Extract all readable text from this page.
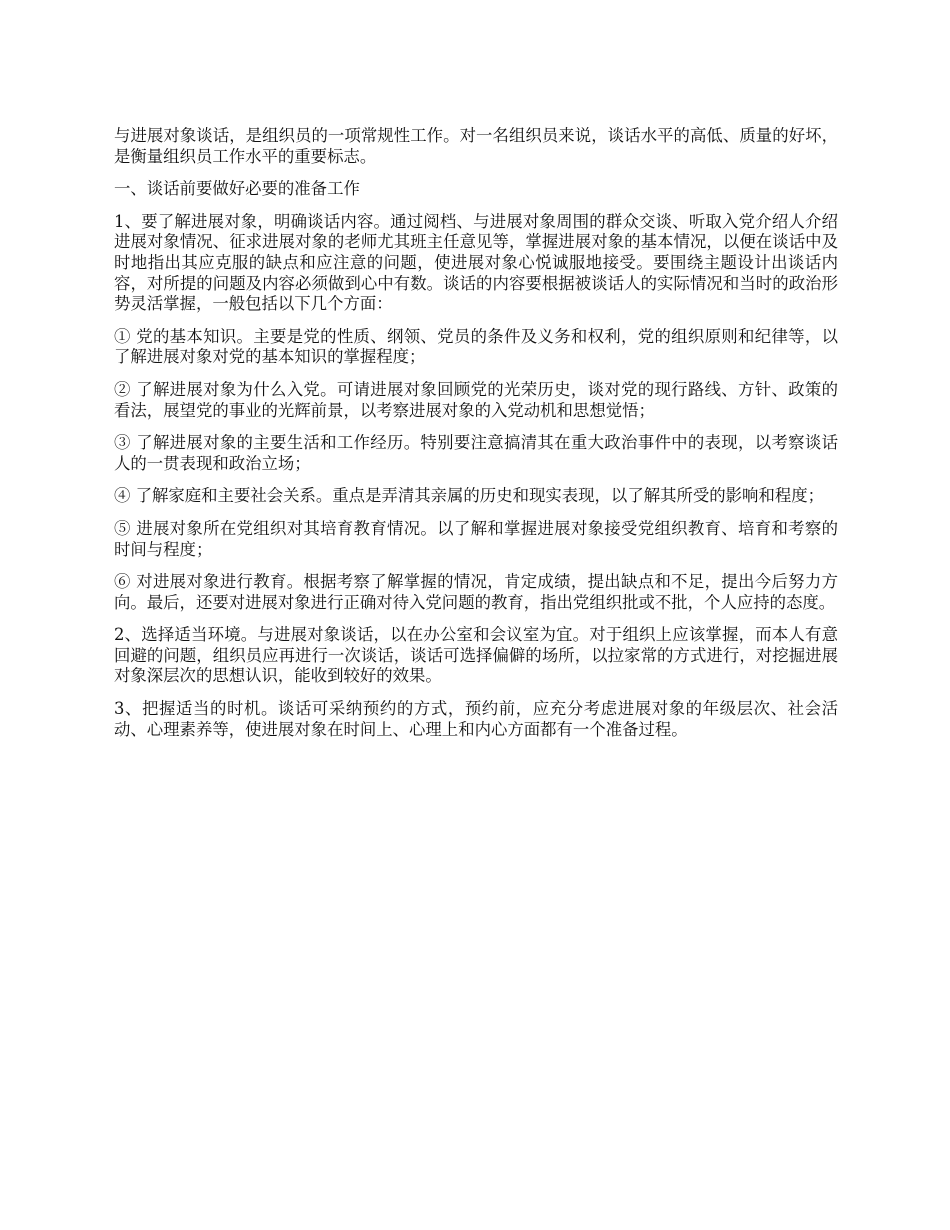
与进展对象谈话，是组织员的一项常规性工作。对一名组织员来说，谈话水平的高低、质量的好坏，是衡量组织员工作水平的重要标志。

一、谈话前要做好必要的准备工作

1、要了解进展对象，明确谈话内容。通过阅档、与进展对象周围的群众交谈、听取入党介绍人介绍进展对象情况、征求进展对象的老师尤其班主任意见等，掌握进展对象的基本情况，以便在谈话中及时地指出其应克服的缺点和应注意的问题，使进展对象心悦诚服地接受。要围绕主题设计出谈话内容，对所提的问题及内容必须做到心中有数。谈话的内容要根据被谈话人的实际情况和当时的政治形势灵活掌握，一般包括以下几个方面：

① 党的基本知识。主要是党的性质、纲领、党员的条件及义务和权利，党的组织原则和纪律等，以了解进展对象对党的基本知识的掌握程度；

② 了解进展对象为什么入党。可请进展对象回顾党的光荣历史，谈对党的现行路线、方针、政策的看法，展望党的事业的光辉前景，以考察进展对象的入党动机和思想觉悟；

③ 了解进展对象的主要生活和工作经历。特别要注意搞清其在重大政治事件中的表现，以考察谈话人的一贯表现和政治立场；

④ 了解家庭和主要社会关系。重点是弄清其亲属的历史和现实表现，以了解其所受的影响和程度；

⑤ 进展对象所在党组织对其培育教育情况。以了解和掌握进展对象接受党组织教育、培育和考察的时间与程度；

⑥ 对进展对象进行教育。根据考察了解掌握的情况，肯定成绩，提出缺点和不足，提出今后努力方向。最后，还要对进展对象进行正确对待入党问题的教育，指出党组织批或不批，个人应持的态度。

2、选择适当环境。与进展对象谈话，以在办公室和会议室为宜。对于组织上应该掌握，而本人有意回避的问题，组织员应再进行一次谈话，谈话可选择偏僻的场所，以拉家常的方式进行，对挖掘进展对象深层次的思想认识，能收到较好的效果。

3、把握适当的时机。谈话可采纳预约的方式，预约前，应充分考虑进展对象的年级层次、社会活动、心理素养等，使进展对象在时间上、心理上和内心方面都有一个准备过程。
